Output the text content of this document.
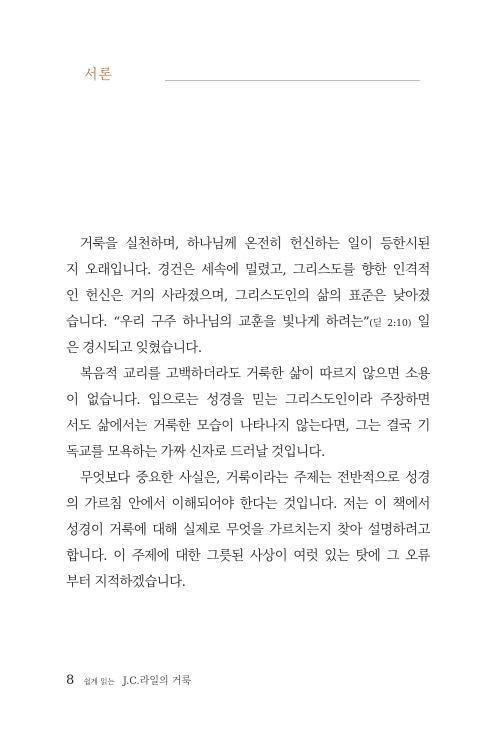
서론
거룩을 실천하며, 하나님께 온전히 헌신하는 일이 등한시된
지 오래입니다. 경건은 세속에 밀렸고, 그리스도를 향한 인격적
인 헌신은 거의 사라졌으며, 그리스도인의 삶의 표준은 낮아졌
습니다. “우리 구주 하나님의 교훈을 빛나게 하려는”(딛 2:10) 일
은 경시되고 잊혔습니다.
복음적 교리를 고백하더라도 거룩한 삶이 따르지 않으면 소용
이 없습니다. 입으로는 성경을 믿는 그리스도인이라 주장하면
서도 삶에서는 거룩한 모습이 나타나지 않는다면, 그는 결국 기
독교를 모욕하는 가짜 신자로 드러날 것입니다.
무엇보다 중요한 사실은, 거룩이라는 주제는 전반적으로 성경
의 가르침 안에서 이해되어야 한다는 것입니다. 저는 이 책에서
성경이 거룩에 대해 실제로 무엇을 가르치는지 찾아 설명하려고
합니다. 이 주제에 대한 그릇된 사상이 여럿 있는 탓에 그 오류
부터 지적하겠습니다.
8 쉽게 읽는 J.C.라일의 거룩
